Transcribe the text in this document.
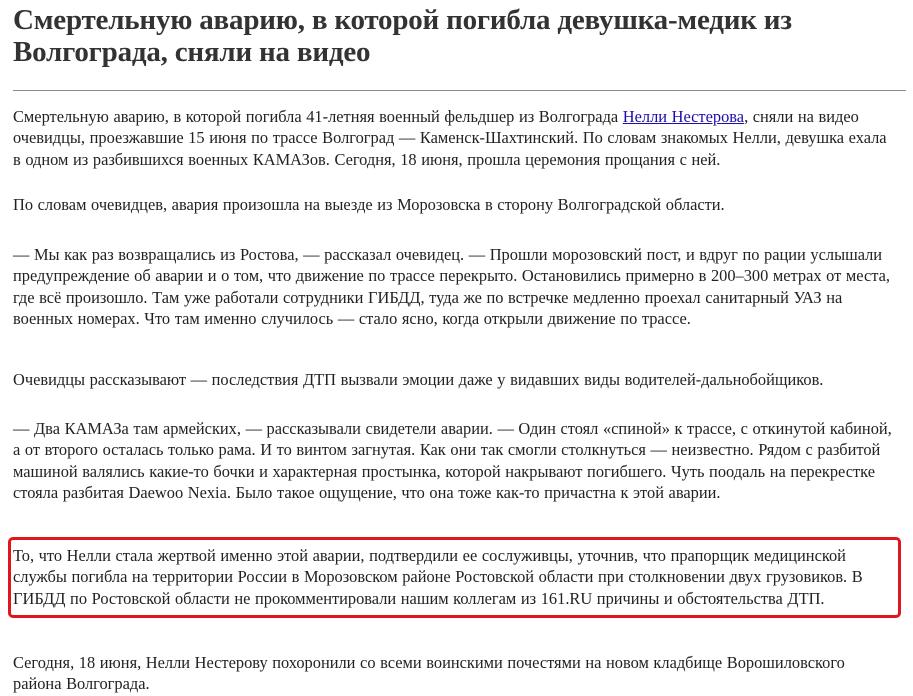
Смертельную аварию, в которой погибла девушка-медик из Волгограда, сняли на видео

Смертельную аварию, в которой погибла 41-летняя военный фельдшер из Волгограда Нелли Нестерова, сняли на видео очевидцы, проезжавшие 15 июня по трассе Волгоград — Каменск-Шахтинский. По словам знакомых Нелли, девушка ехала в одном из разбившихся военных КАМАЗов. Сегодня, 18 июня, прошла церемония прощания с ней.

По словам очевидцев, авария произошла на выезде из Морозовска в сторону Волгоградской области.

— Мы как раз возвращались из Ростова, — рассказал очевидец. — Прошли морозовский пост, и вдруг по рации услышали предупреждение об аварии и о том, что движение по трассе перекрыто. Остановились примерно в 200–300 метрах от места, где всё произошло. Там уже работали сотрудники ГИБДД, туда же по встречке медленно проехал санитарный УАЗ на военных номерах. Что там именно случилось — стало ясно, когда открыли движение по трассе.

Очевидцы рассказывают — последствия ДТП вызвали эмоции даже у видавших виды водителей-дальнобойщиков.

— Два КАМАЗа там армейских, — рассказывали свидетели аварии. — Один стоял «спиной» к трассе, с откинутой кабиной, а от второго осталась только рама. И то винтом загнутая. Как они так смогли столкнуться — неизвестно. Рядом с разбитой машиной валялись какие-то бочки и характерная простынка, которой накрывают погибшего. Чуть поодаль на перекрестке стояла разбитая Daewoo Nexia. Было такое ощущение, что она тоже как-то причастна к этой аварии.

То, что Нелли стала жертвой именно этой аварии, подтвердили ее сослуживцы, уточнив, что прапорщик медицинской службы погибла на территории России в Морозовском районе Ростовской области при столкновении двух грузовиков. В ГИБДД по Ростовской области не прокомментировали нашим коллегам из 161.RU причины и обстоятельства ДТП.

Сегодня, 18 июня, Нелли Нестерову похоронили со всеми воинскими почестями на новом кладбище Ворошиловского района Волгограда.
